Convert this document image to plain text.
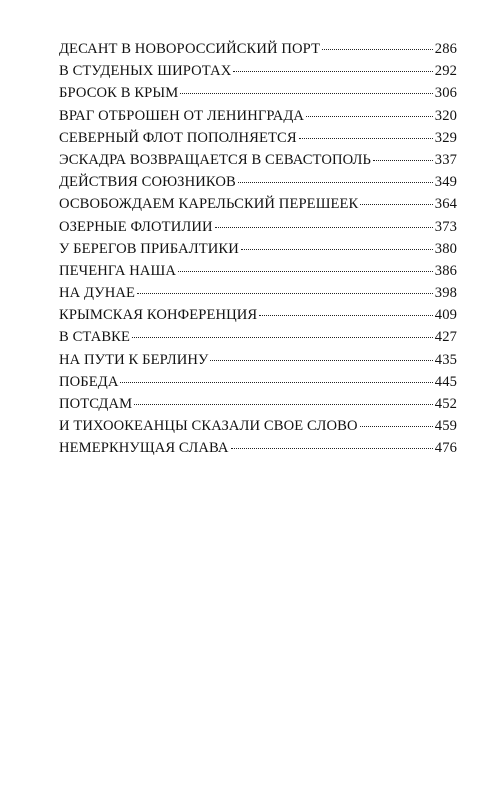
ДЕСАНТ В НОВОРОССИЙСКИЙ ПОРТ	286
В СТУДЕНЫХ ШИРОТАХ	292
БРОСОК В КРЫМ	306
ВРАГ ОТБРОШЕН ОТ ЛЕНИНГРАДА	320
СЕВЕРНЫЙ ФЛОТ ПОПОЛНЯЕТСЯ	329
ЭСКАДРА ВОЗВРАЩАЕТСЯ В СЕВАСТОПОЛЬ	337
ДЕЙСТВИЯ СОЮЗНИКОВ	349
ОСВОБОЖДАЕМ КАРЕЛЬСКИЙ ПЕРЕШЕЕК	364
ОЗЕРНЫЕ ФЛОТИЛИИ	373
У БЕРЕГОВ ПРИБАЛТИКИ	380
ПЕЧЕНГА НАША	386
НА ДУНАЕ	398
КРЫМСКАЯ КОНФЕРЕНЦИЯ	409
В СТАВКЕ	427
НА ПУТИ К БЕРЛИНУ	435
ПОБЕДА	445
ПОТСДАМ	452
И ТИХООКЕАНЦЫ СКАЗАЛИ СВОЕ СЛОВО	459
НЕМЕРКНУЩАЯ СЛАВА	476
